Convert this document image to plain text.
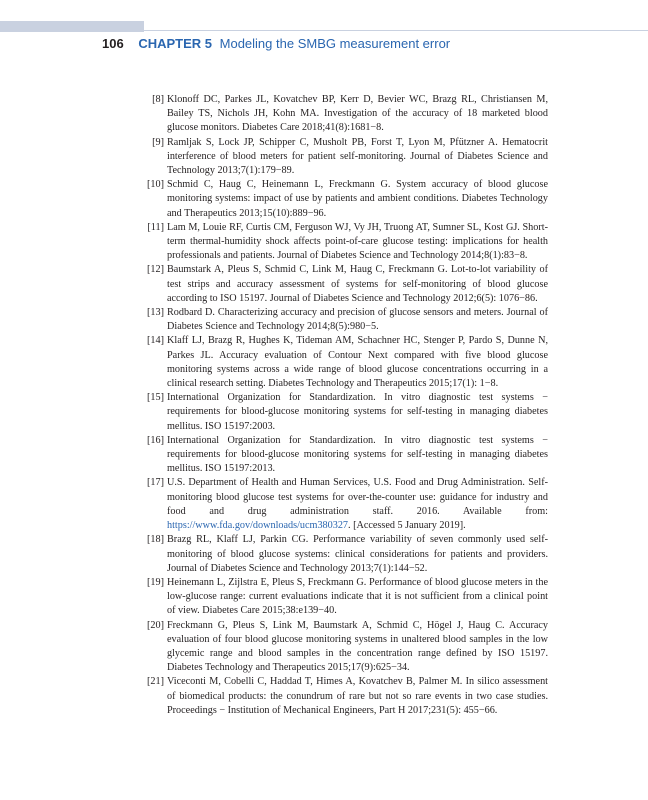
106 CHAPTER 5 Modeling the SMBG measurement error
[8] Klonoff DC, Parkes JL, Kovatchev BP, Kerr D, Bevier WC, Brazg RL, Christiansen M, Bailey TS, Nichols JH, Kohn MA. Investigation of the accuracy of 18 marketed blood glucose monitors. Diabetes Care 2018;41(8):1681−8.
[9] Ramljak S, Lock JP, Schipper C, Musholt PB, Forst T, Lyon M, Pfützner A. Hematocrit interference of blood meters for patient self-monitoring. Journal of Diabetes Science and Technology 2013;7(1):179−89.
[10] Schmid C, Haug C, Heinemann L, Freckmann G. System accuracy of blood glucose monitoring systems: impact of use by patients and ambient conditions. Diabetes Technology and Therapeutics 2013;15(10):889−96.
[11] Lam M, Louie RF, Curtis CM, Ferguson WJ, Vy JH, Truong AT, Sumner SL, Kost GJ. Short-term thermal-humidity shock affects point-of-care glucose testing: implications for health professionals and patients. Journal of Diabetes Science and Technology 2014;8(1):83−8.
[12] Baumstark A, Pleus S, Schmid C, Link M, Haug C, Freckmann G. Lot-to-lot variability of test strips and accuracy assessment of systems for self-monitoring of blood glucose according to ISO 15197. Journal of Diabetes Science and Technology 2012;6(5): 1076−86.
[13] Rodbard D. Characterizing accuracy and precision of glucose sensors and meters. Journal of Diabetes Science and Technology 2014;8(5):980−5.
[14] Klaff LJ, Brazg R, Hughes K, Tideman AM, Schachner HC, Stenger P, Pardo S, Dunne N, Parkes JL. Accuracy evaluation of Contour Next compared with five blood glucose monitoring systems across a wide range of blood glucose concentrations occurring in a clinical research setting. Diabetes Technology and Therapeutics 2015;17(1): 1−8.
[15] International Organization for Standardization. In vitro diagnostic test systems − requirements for blood-glucose monitoring systems for self-testing in managing diabetes mellitus. ISO 15197:2003.
[16] International Organization for Standardization. In vitro diagnostic test systems − requirements for blood-glucose monitoring systems for self-testing in managing diabetes mellitus. ISO 15197:2013.
[17] U.S. Department of Health and Human Services, U.S. Food and Drug Administration. Self-monitoring blood glucose test systems for over-the-counter use: guidance for industry and food and drug administration staff. 2016. Available from: https://www.fda.gov/downloads/ucm380327. [Accessed 5 January 2019].
[18] Brazg RL, Klaff LJ, Parkin CG. Performance variability of seven commonly used self-monitoring of blood glucose systems: clinical considerations for patients and providers. Journal of Diabetes Science and Technology 2013;7(1):144−52.
[19] Heinemann L, Zijlstra E, Pleus S, Freckmann G. Performance of blood glucose meters in the low-glucose range: current evaluations indicate that it is not sufficient from a clinical point of view. Diabetes Care 2015;38:e139−40.
[20] Freckmann G, Pleus S, Link M, Baumstark A, Schmid C, Högel J, Haug C. Accuracy evaluation of four blood glucose monitoring systems in unaltered blood samples in the low glycemic range and blood samples in the concentration range defined by ISO 15197. Diabetes Technology and Therapeutics 2015;17(9):625−34.
[21] Viceconti M, Cobelli C, Haddad T, Himes A, Kovatchev B, Palmer M. In silico assessment of biomedical products: the conundrum of rare but not so rare events in two case studies. Proceedings − Institution of Mechanical Engineers, Part H 2017;231(5): 455−66.
